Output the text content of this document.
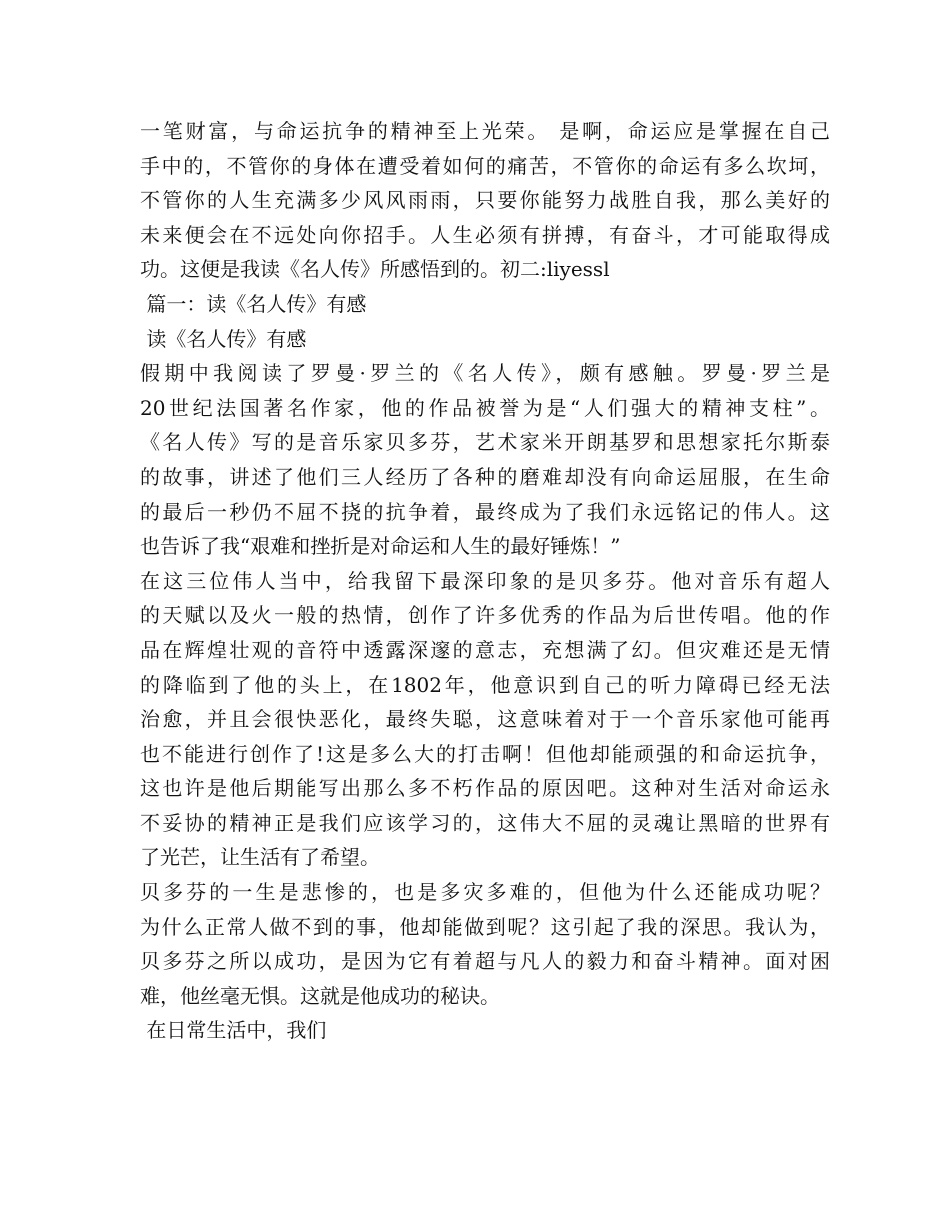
一笔财富，与命运抗争的精神至上光荣。 是啊，命运应是掌握在自己
手中的，不管你的身体在遭受着如何的痛苦，不管你的命运有多么坎坷，
不管你的人生充满多少风风雨雨，只要你能努力战胜自我，那么美好的
未来便会在不远处向你招手。人生必须有拼搏，有奋斗，才可能取得成
功。这便是我读《名人传》所感悟到的。初二:liyessl
篇一：读《名人传》有感
读《名人传》有感
假期中我阅读了罗曼·罗兰的《名人传》，颇有感触。罗曼·罗兰是
20世纪法国著名作家，他的作品被誉为是“人们强大的精神支柱”。
《名人传》写的是音乐家贝多芬，艺术家米开朗基罗和思想家托尔斯泰
的故事，讲述了他们三人经历了各种的磨难却没有向命运屈服，在生命
的最后一秒仍不屈不挠的抗争着，最终成为了我们永远铭记的伟人。这
也告诉了我“艰难和挫折是对命运和人生的最好锤炼！”
在这三位伟人当中，给我留下最深印象的是贝多芬。他对音乐有超人
的天赋以及火一般的热情，创作了许多优秀的作品为后世传唱。他的作
品在辉煌壮观的音符中透露深邃的意志，充想满了幻。但灾难还是无情
的降临到了他的头上，在1802年，他意识到自己的听力障碍已经无法
治愈，并且会很快恶化，最终失聪，这意味着对于一个音乐家他可能再
也不能进行创作了!这是多么大的打击啊！但他却能顽强的和命运抗争，
这也许是他后期能写出那么多不朽作品的原因吧。这种对生活对命运永
不妥协的精神正是我们应该学习的，这伟大不屈的灵魂让黑暗的世界有
了光芒，让生活有了希望。
贝多芬的一生是悲惨的，也是多灾多难的，但他为什么还能成功呢？
为什么正常人做不到的事，他却能做到呢？这引起了我的深思。我认为，
贝多芬之所以成功，是因为它有着超与凡人的毅力和奋斗精神。面对困
难，他丝毫无惧。这就是他成功的秘诀。
在日常生活中，我们
